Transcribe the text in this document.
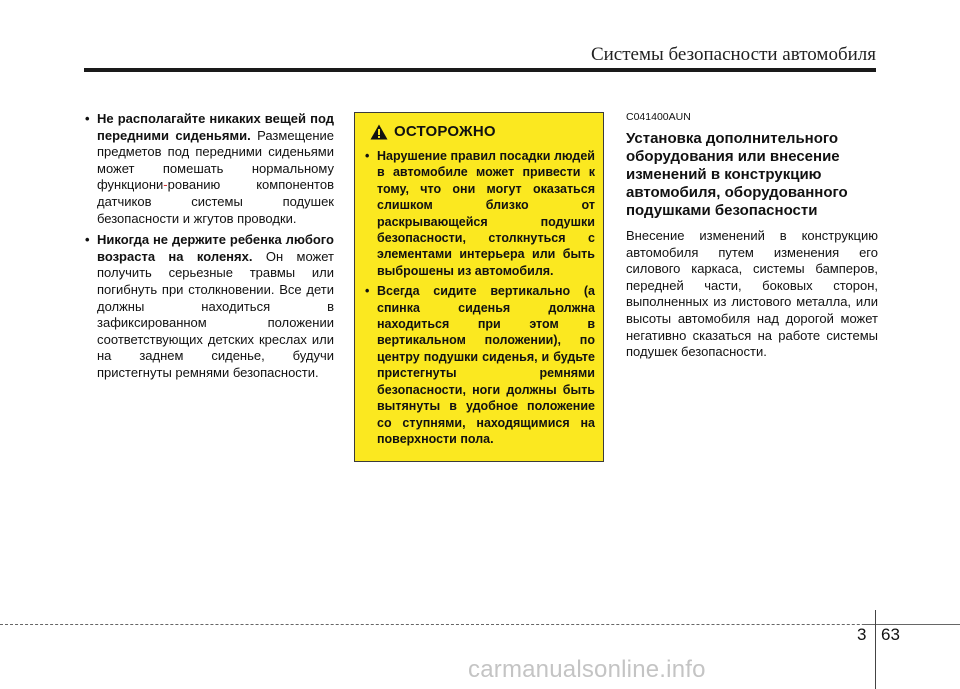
Системы безопасности автомобиля

• Не располагайте никаких вещей под передними сиденьями. Размещение предметов под передними сиденьями может помешать нормальному функциони-рованию компонентов датчиков системы подушек безопасности и жгутов проводки.

• Никогда не держите ребенка любого возраста на коленях. Он может получить серьезные травмы или погибнуть при столкновении. Все дети должны находиться в зафиксированном положении соответствующих детских креслах или на заднем сиденье, будучи пристегнуты ремнями безопасности.

ОСТОРОЖНО

• Нарушение правил посадки людей в автомобиле может привести к тому, что они могут оказаться слишком близко от раскрывающейся подушки безопасности, столкнуться с элементами интерьера или быть выброшены из автомобиля.

• Всегда сидите вертикально (а спинка сиденья должна находиться при этом в вертикальном положении), по центру подушки сиденья, и будьте пристегнуты ремнями безопасности, ноги должны быть вытянуты в удобное положение со ступнями, находящимися на поверхности пола.

C041400AUN
Установка дополнительного оборудования или внесение изменений в конструкцию автомобиля, оборудованного подушками безопасности
Внесение изменений в конструкцию автомобиля путем изменения его силового каркаса, системы бамперов, передней части, боковых сторон, выполненных из листового металла, или высоты автомобиля над дорогой может негативно сказаться на работе системы подушек безопасности.
3 63
carmanualsonline.info
